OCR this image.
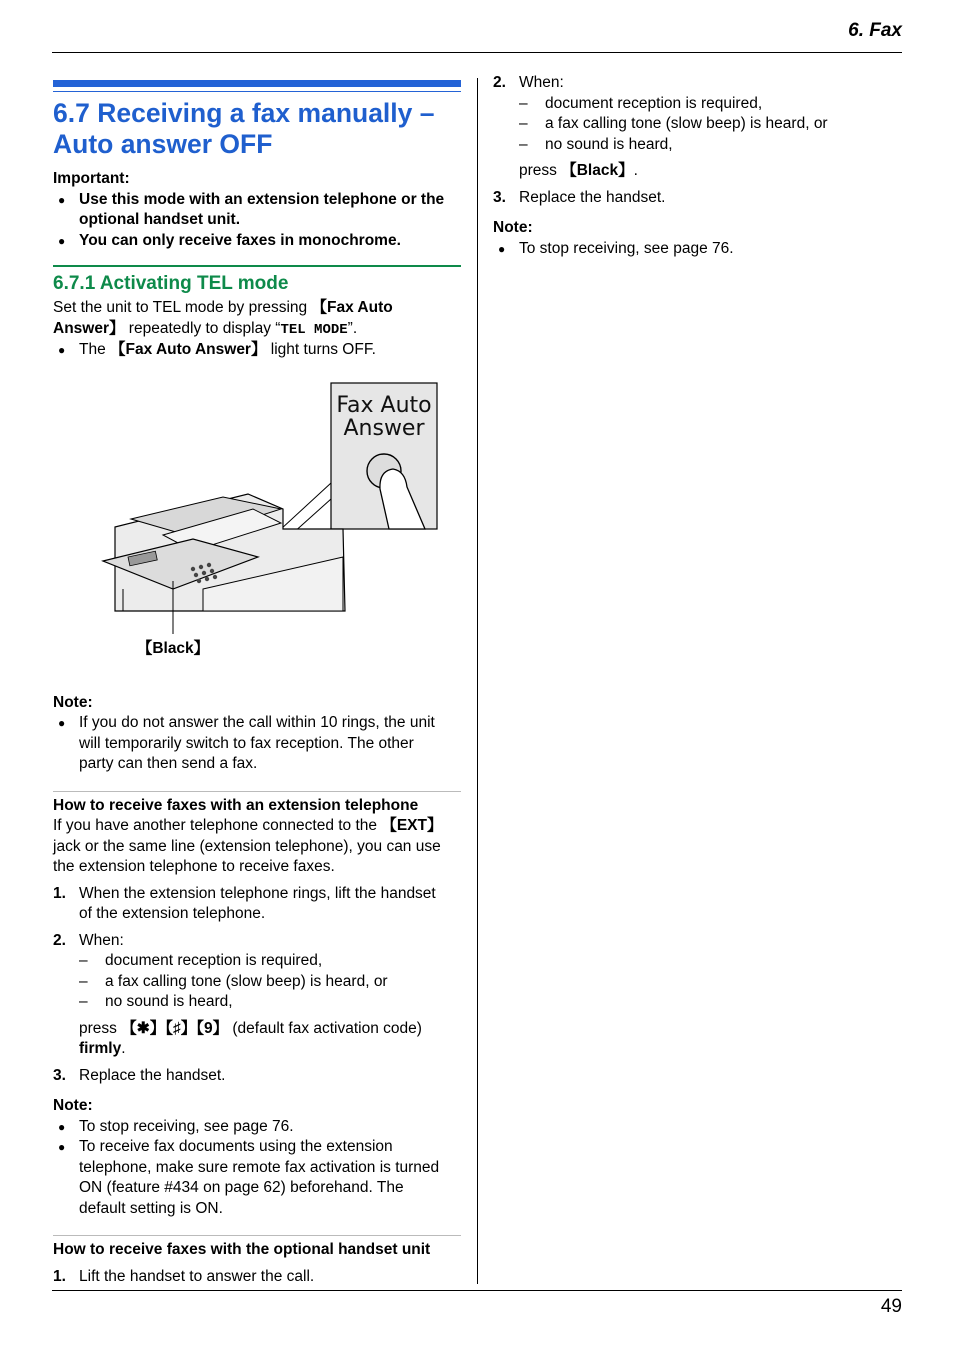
6. Fax
6.7 Receiving a fax manually –
Auto answer OFF

Important:

● Use this mode with an extension telephone or the
optional handset unit.
● You can only receive faxes in monochrome.
6.7.1 Activating TEL mode

Set the unit to TEL mode by pressing 【Fax Auto
Answer】 repeatedly to display “TEL MODE”.

● The 【Fax Auto Answer】 light turns OFF.
Fax Auto
Answer
【Black】

Note:

● If you do not answer the call within 10 rings, the unit
will temporarily switch to fax reception. The other
party can then send a fax.

How to receive faxes with an extension telephone

If you have another telephone connected to the 【EXT】
jack or the same line (extension telephone), you can use
the extension telephone to receive faxes.

1. When the extension telephone rings, lift the handset
of the extension telephone.
2. When:
– document reception is required,
– a fax calling tone (slow beep) is heard, or
– no sound is heard,
press 【✱】【♯】【9】 (default fax activation code)
firmly.
3. Replace the handset.

Note:

● To stop receiving, see page 76.
● To receive fax documents using the extension
telephone, make sure remote fax activation is turned
ON (feature #434 on page 62) beforehand. The
default setting is ON.

How to receive faxes with the optional handset unit

1. Lift the handset to answer the call.
2. When:
– document reception is required,
– a fax calling tone (slow beep) is heard, or
– no sound is heard,
press 【Black】.
3. Replace the handset.

Note:

● To stop receiving, see page 76.
49
